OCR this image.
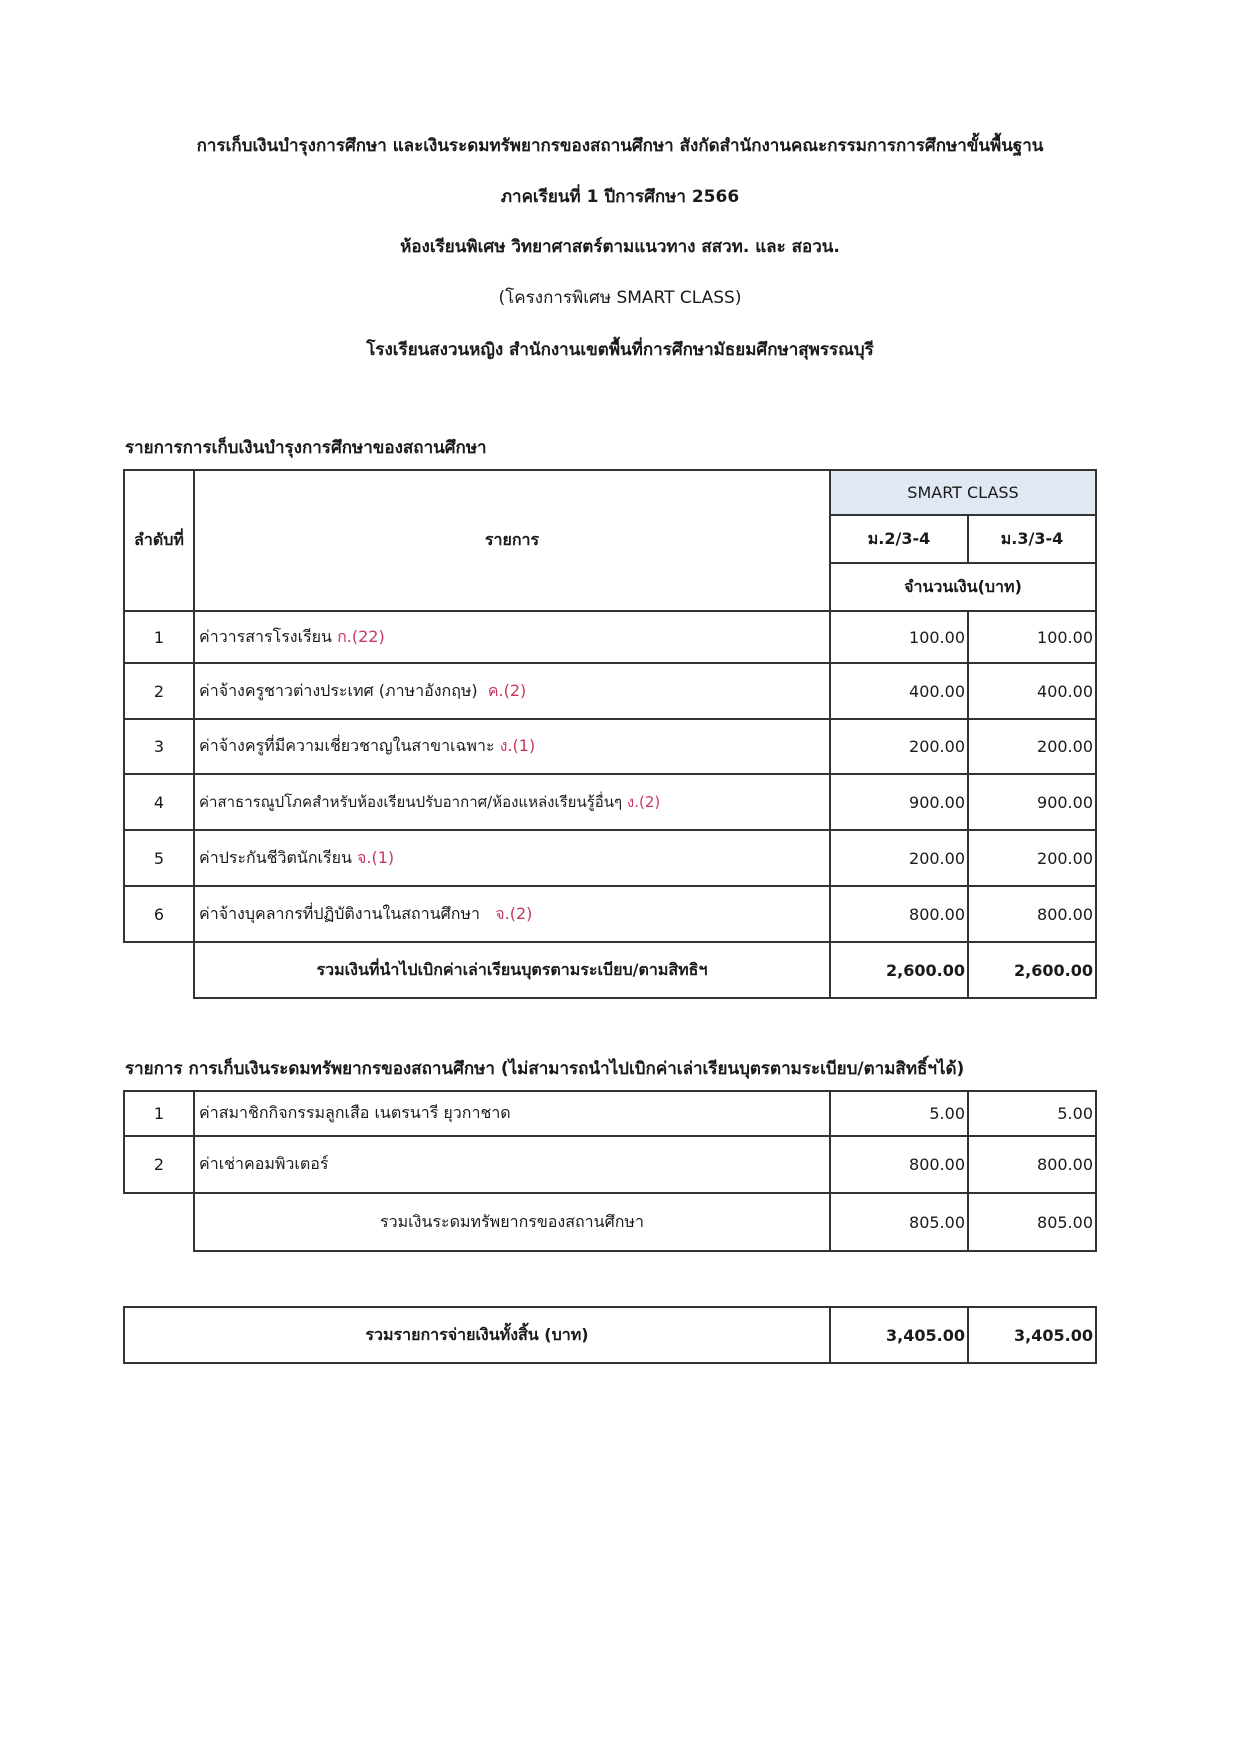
การเก็บเงินบำรุงการศึกษา และเงินระดมทรัพยากรของสถานศึกษา สังกัดสำนักงานคณะกรรมการการศึกษาขั้นพื้นฐาน
ภาคเรียนที่ 1 ปีการศึกษา 2566
ห้องเรียนพิเศษ วิทยาศาสตร์ตามแนวทาง สสวท. และ สอวน.
(โครงการพิเศษ SMART CLASS)
โรงเรียนสงวนหญิง สำนักงานเขตพื้นที่การศึกษามัธยมศึกษาสุพรรณบุรี
รายการการเก็บเงินบำรุงการศึกษาของสถานศึกษา
ลำดับที่	รายการ	SMART CLASS	
		ม.2/3-4	ม.3/3-4
		จำนวนเงิน(บาท)	
1	ค่าวารสารโรงเรียน ก.(22)	100.00	100.00
2	ค่าจ้างครูชาวต่างประเทศ (ภาษาอังกฤษ) ค.(2)	400.00	400.00
3	ค่าจ้างครูที่มีความเชี่ยวชาญในสาขาเฉพาะ ง.(1)	200.00	200.00
4	ค่าสาธารณูปโภคสำหรับห้องเรียนปรับอากาศ/ห้องแหล่งเรียนรู้อื่นๆ ง.(2)	900.00	900.00
5	ค่าประกันชีวิตนักเรียน จ.(1)	200.00	200.00
6	ค่าจ้างบุคลากรที่ปฏิบัติงานในสถานศึกษา จ.(2)	800.00	800.00
	รวมเงินที่นำไปเบิกค่าเล่าเรียนบุตรตามระเบียบ/ตามสิทธิฯ	2,600.00	2,600.00
รายการ การเก็บเงินระดมทรัพยากรของสถานศึกษา (ไม่สามารถนำไปเบิกค่าเล่าเรียนบุตรตามระเบียบ/ตามสิทธิ์ฯได้)
1	ค่าสมาชิกกิจกรรมลูกเสือ เนตรนารี ยุวกาชาด	5.00	5.00
2	ค่าเช่าคอมพิวเตอร์	800.00	800.00
	รวมเงินระดมทรัพยากรของสถานศึกษา	805.00	805.00
รวมรายการจ่ายเงินทั้งสิ้น (บาท)	3,405.00	3,405.00
